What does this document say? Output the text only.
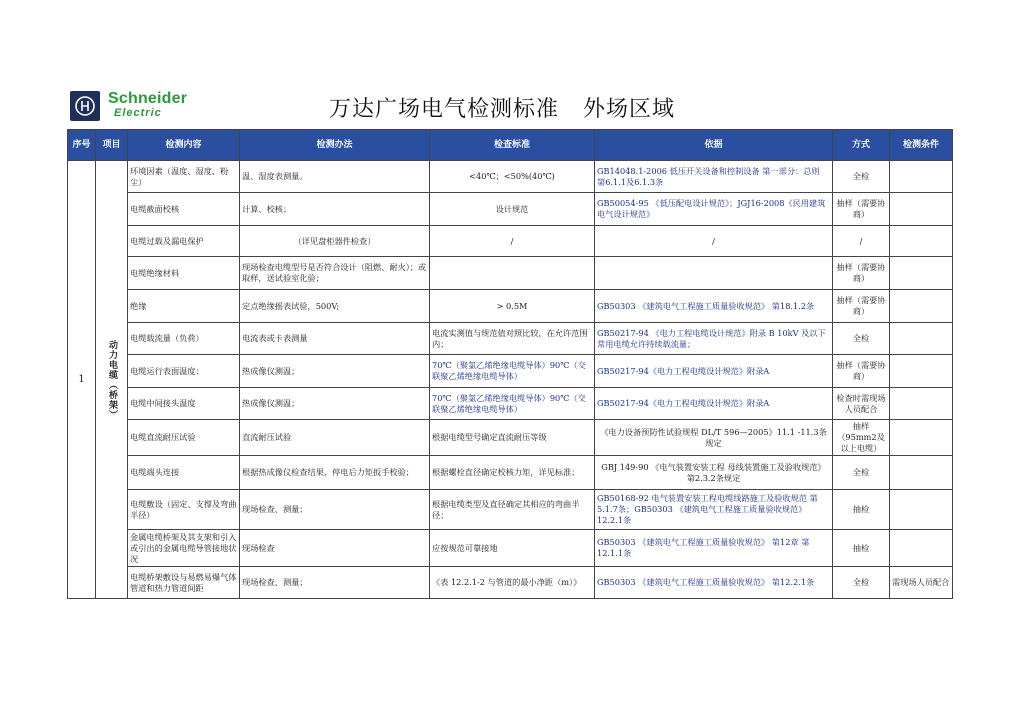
Schneider
Electric	万达广场电气检测标准   外场区域
序号	项目	检测内容	检测办法	检查标准	依据	方式	检测条件
1	动力电缆（桥架）	环境因素（温度、湿度、粉尘）	温、湿度表测量。	<40℃；<50%(40℃)	GB14048.1-2006 低压开关设备和控制设备 第一部分：总则 第6.1.1及6.1.3条	全检	
		电缆截面校核	计算、校核；	设计规范	GB50054-95 《低压配电设计规范》；JGJ16-2008《民用建筑电气设计规范》	抽样（需要协商）	
		电缆过载及漏电保护	（详见盘柜器件检查）	/	/	/	
		电缆绝缘材料	现场检查电缆型号是否符合设计（阻燃、耐火）；或取样，送试验室化验；			抽样（需要协商）	
		绝缘	定点绝缘摇表试验，500V;	> 0.5M	GB50303 《建筑电气工程施工质量验收规范》 第18.1.2条	抽样（需要协商）	
		电缆载流量（负荷）	电流表或卡表测量	电流实测值与规范值对照比较，在允许范围内；	GB50217-94 《电力工程电缆设计规范》附录 B 10kV 及以下常用电缆允许持续载流量；	全检	
		电缆运行表面温度：	热成像仪测温；	70℃（聚氯乙烯绝缘电缆导体）90℃（交联聚乙烯绝缘电缆导体）	GB50217-94《电力工程电缆设计规范》附录A	抽样（需要协商）	
		电缆中间接头温度	热成像仪测温；	70℃（聚氯乙烯绝缘电缆导体）90℃（交联聚乙烯绝缘电缆导体）	GB50217-94《电力工程电缆设计规范》附录A	检查时需现场人员配合	
		电缆直流耐压试验	直流耐压试验	根据电缆型号确定直流耐压等级	《电力设备预防性试验规程 DL/T 596—2005》11.1 -11.3条规定	抽样（95mm2及以上电缆）	
		电缆端头连接	根据热成像仪检查结果，停电后力矩扳手校验；	根据螺栓直径确定校核力矩，详见标准；	GBJ 149-90 《电气装置安装工程 母线装置施工及验收规范》 第2.3.2条规定	全检	
		电缆敷设（固定、支撑及弯曲半径）	现场检查、测量；	根据电缆类型及直径确定其相应的弯曲半径；	GB50168-92 电气装置安装工程电缆线路施工及验收规范 第5.1.7条；GB50303 《建筑电气工程施工质量验收规范》12.2.1条	抽检	
		金属电缆桥架及其支架和引入或引出的金属电缆导管接地状况	现场检查	应按规范可靠接地	GB50303 《建筑电气工程施工质量验收规范》 第12章 第12.1.1条	抽检	
		电缆桥架敷设与易燃易爆气体管道和热力管道间距	现场检查、测量；	《表 12.2.1-2 与管道的最小净距（m）》	GB50303 《建筑电气工程施工质量验收规范》 第12.2.1条	全检	需现场人员配合
